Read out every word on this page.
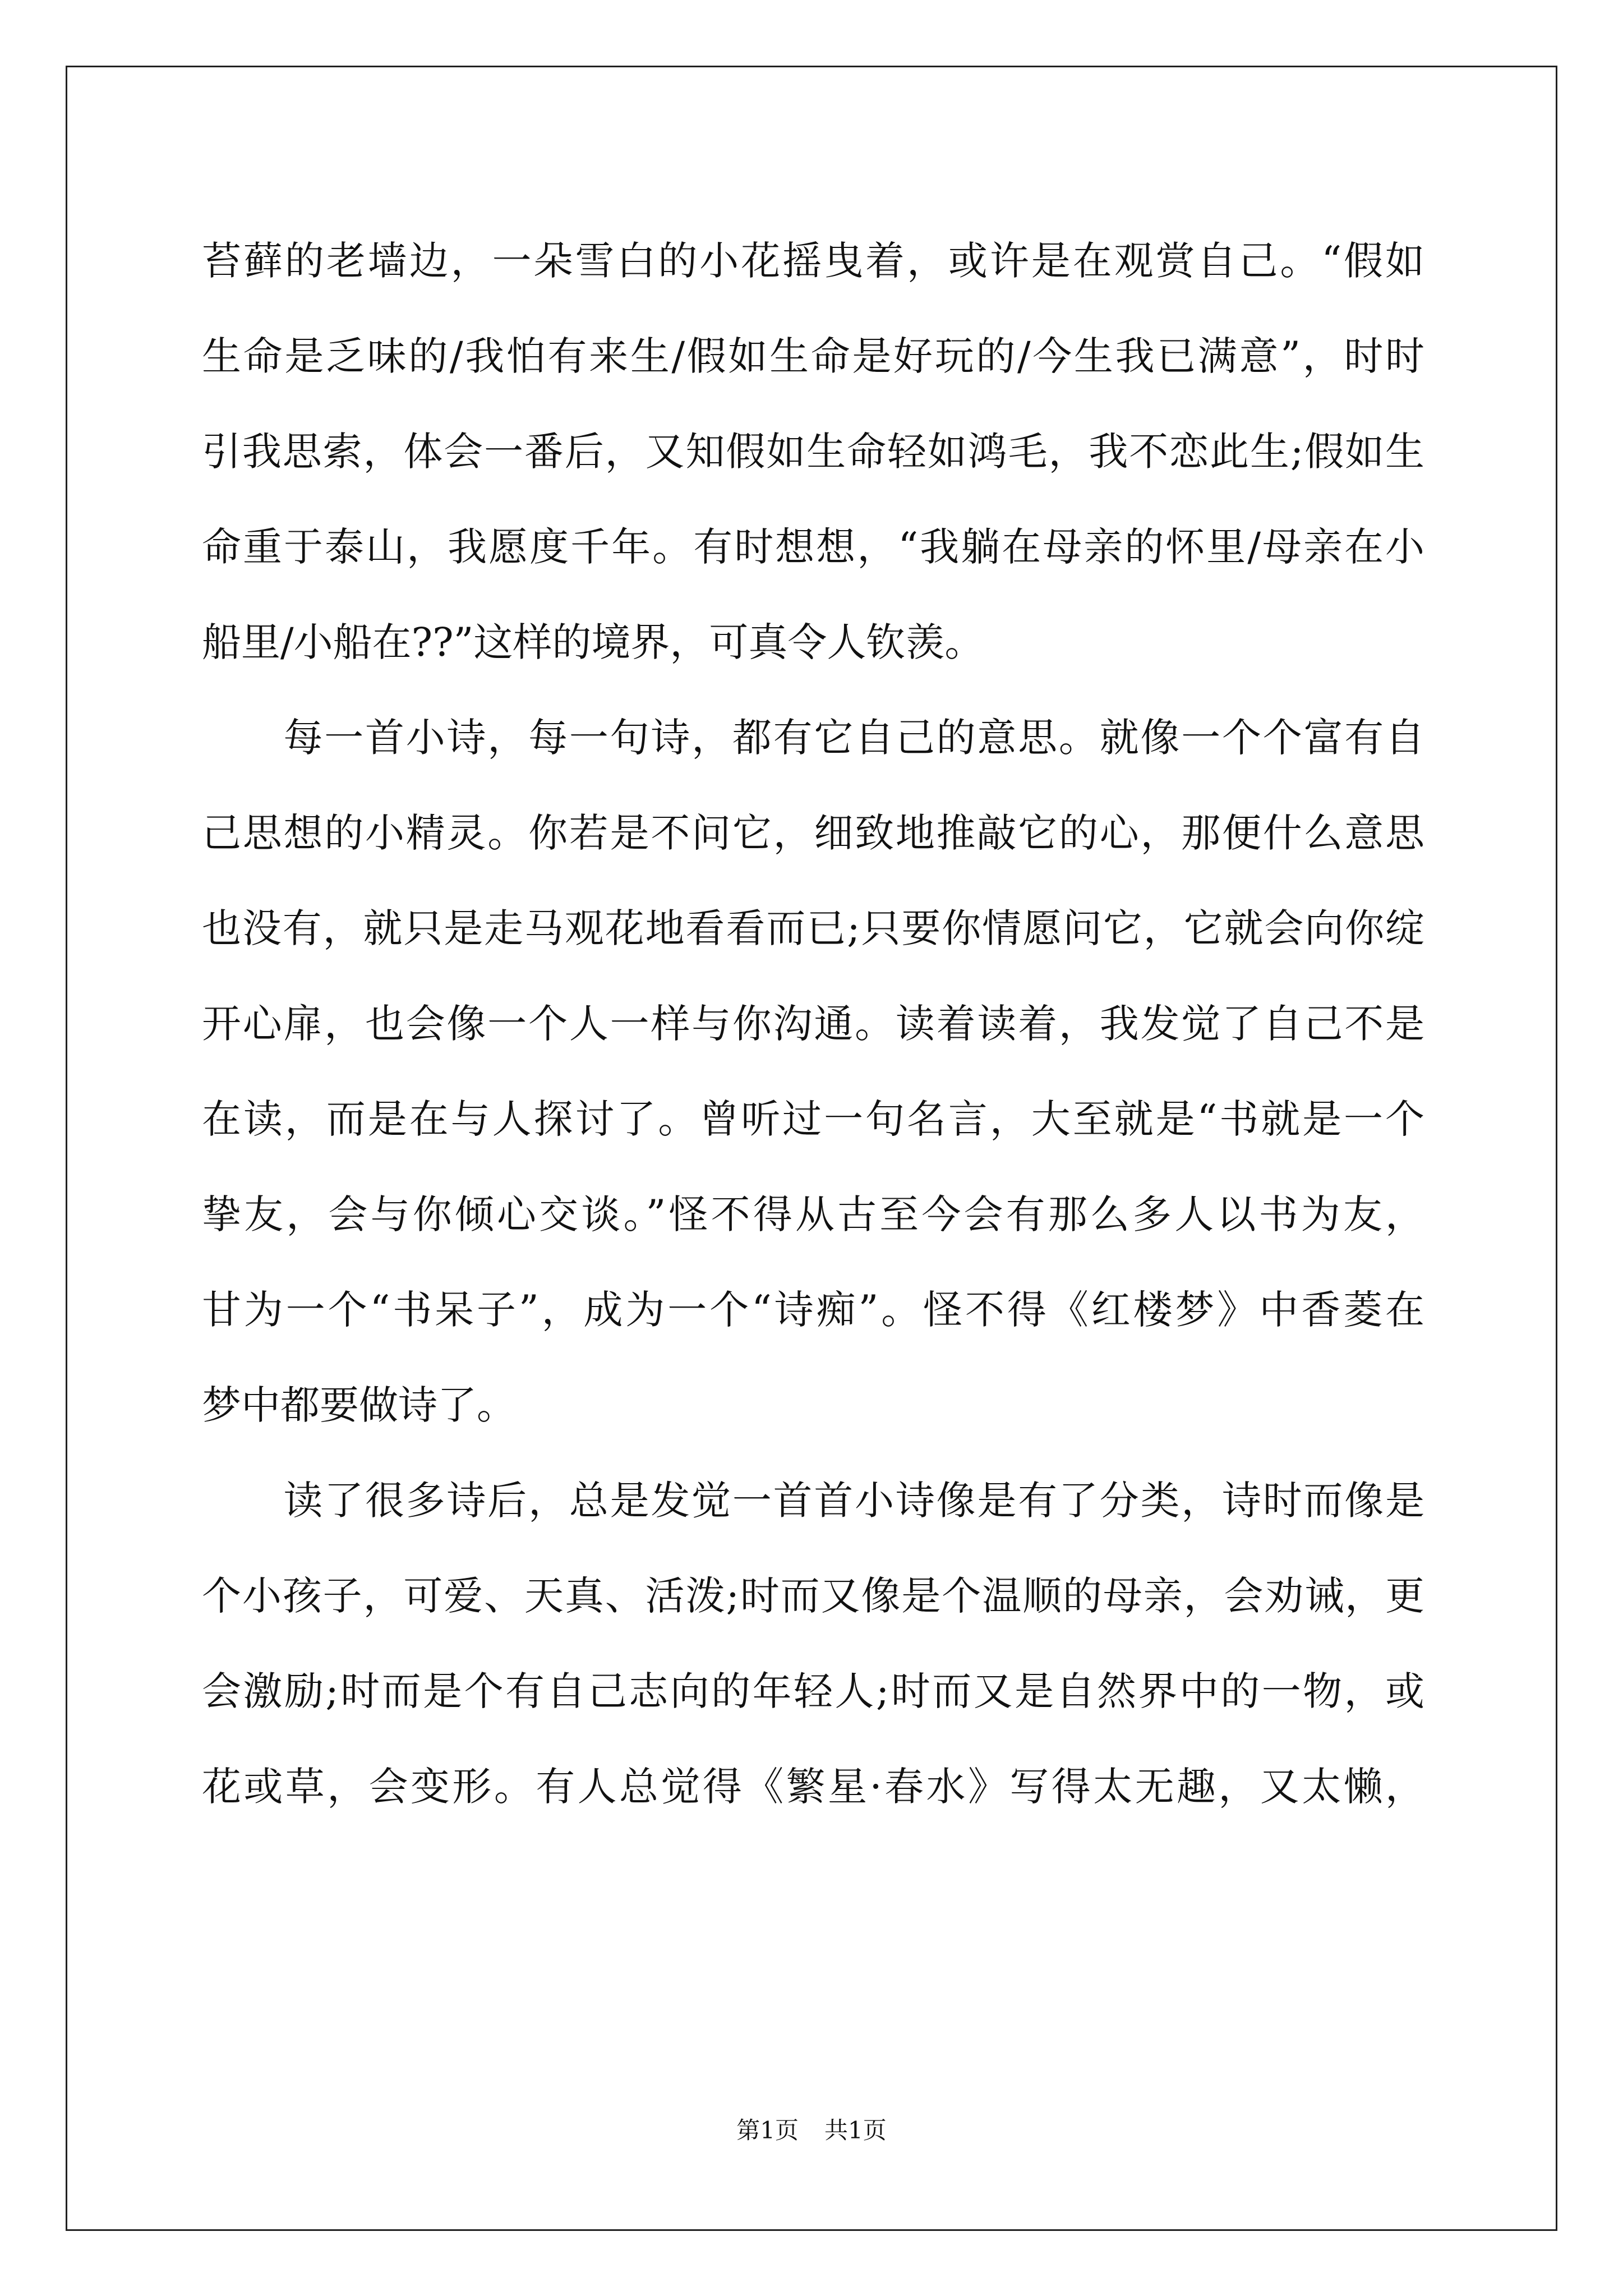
苔藓的老墙边，一朵雪白的小花摇曳着，或许是在观赏自己。“假如
生命是乏味的/我怕有来生/假如生命是好玩的/今生我已满意”，时时
引我思索，体会一番后，又知假如生命轻如鸿毛，我不恋此生;假如生
命重于泰山，我愿度千年。有时想想，“我躺在母亲的怀里/母亲在小
船里/小船在??”这样的境界，可真令人钦羡。
　　每一首小诗，每一句诗，都有它自己的意思。就像一个个富有自
己思想的小精灵。你若是不问它，细致地推敲它的心，那便什么意思
也没有，就只是走马观花地看看而已;只要你情愿问它，它就会向你绽
开心扉，也会像一个人一样与你沟通。读着读着，我发觉了自己不是
在读，而是在与人探讨了。曾听过一句名言，大至就是“书就是一个
挚友，会与你倾心交谈。”怪不得从古至今会有那么多人以书为友，
甘为一个“书呆子”，成为一个“诗痴”。怪不得《红楼梦》中香菱在
梦中都要做诗了。
　　读了很多诗后，总是发觉一首首小诗像是有了分类，诗时而像是
个小孩子，可爱、天真、活泼;时而又像是个温顺的母亲，会劝诫，更
会激励;时而是个有自己志向的年轻人;时而又是自然界中的一物，或
花或草，会变形。有人总觉得《繁星·春水》写得太无趣，又太懒，
第1页 共1页
